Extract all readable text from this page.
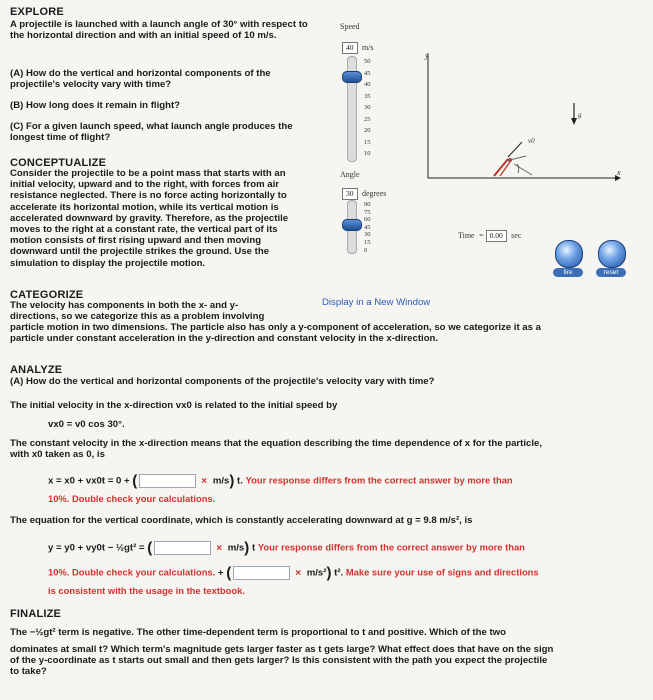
EXPLORE
A projectile is launched with a launch angle of 30° with respect to the horizontal direction and with an initial speed of 10 m/s.
(A) How do the vertical and horizontal components of the projectile's velocity vary with time?
(B) How long does it remain in flight?
(C) For a given launch speed, what launch angle produces the longest time of flight?
CONCEPTUALIZE
Consider the projectile to be a point mass that starts with an initial velocity, upward and to the right, with forces from air resistance neglected. There is no force acting horizontally to accelerate its horizontal motion, while its vertical motion is accelerated downward by gravity. Therefore, as the projectile moves to the right at a constant rate, the vertical part of its motion consists of first rising upward and then moving downward until the projectile strikes the ground. Use the simulation to display the projectile motion.
Speed
40 m/s
50
45
40
35
30
25
20
15
10
Angle
30 degrees
90
75
60
45
30
15
0
y
x
g
v0
Time = 0.00 sec
fire	reset
Display in a New Window
CATEGORIZE
The velocity has components in both the x- and y-
directions, so we categorize this as a problem involving
particle motion in two dimensions. The particle also has only a y-component of acceleration, so we categorize it as a
particle under constant acceleration in the y-direction and constant velocity in the x-direction.
ANALYZE
(A) How do the vertical and horizontal components of the projectile's velocity vary with time?
The initial velocity in the x-direction vx0 is related to the initial speed by
vx0 = v0 cos 30°.
The constant velocity in the x-direction means that the equation describing the time dependence of x for the particle,
with x0 taken as 0, is
x = x0 + vx0t = 0 + (	× m/s) t. Your response differs from the correct answer by more than
10%. Double check your calculations.
The equation for the vertical coordinate, which is constantly accelerating downward at g = 9.8 m/s², is
y = y0 + vy0t − ½gt² = (	× m/s) t Your response differs from the correct answer by more than
10%. Double check your calculations. + (	× m/s²) t². Make sure your use of signs and directions
is consistent with the usage in the textbook.
FINALIZE
The −½gt² term is negative. The other time-dependent term is proportional to t and positive. Which of the two
dominates at small t? Which term's magnitude gets larger faster as t gets large? What effect does that have on the sign
of the y-coordinate as t starts out small and then gets larger? Is this consistent with the path you expect the projectile
to take?
